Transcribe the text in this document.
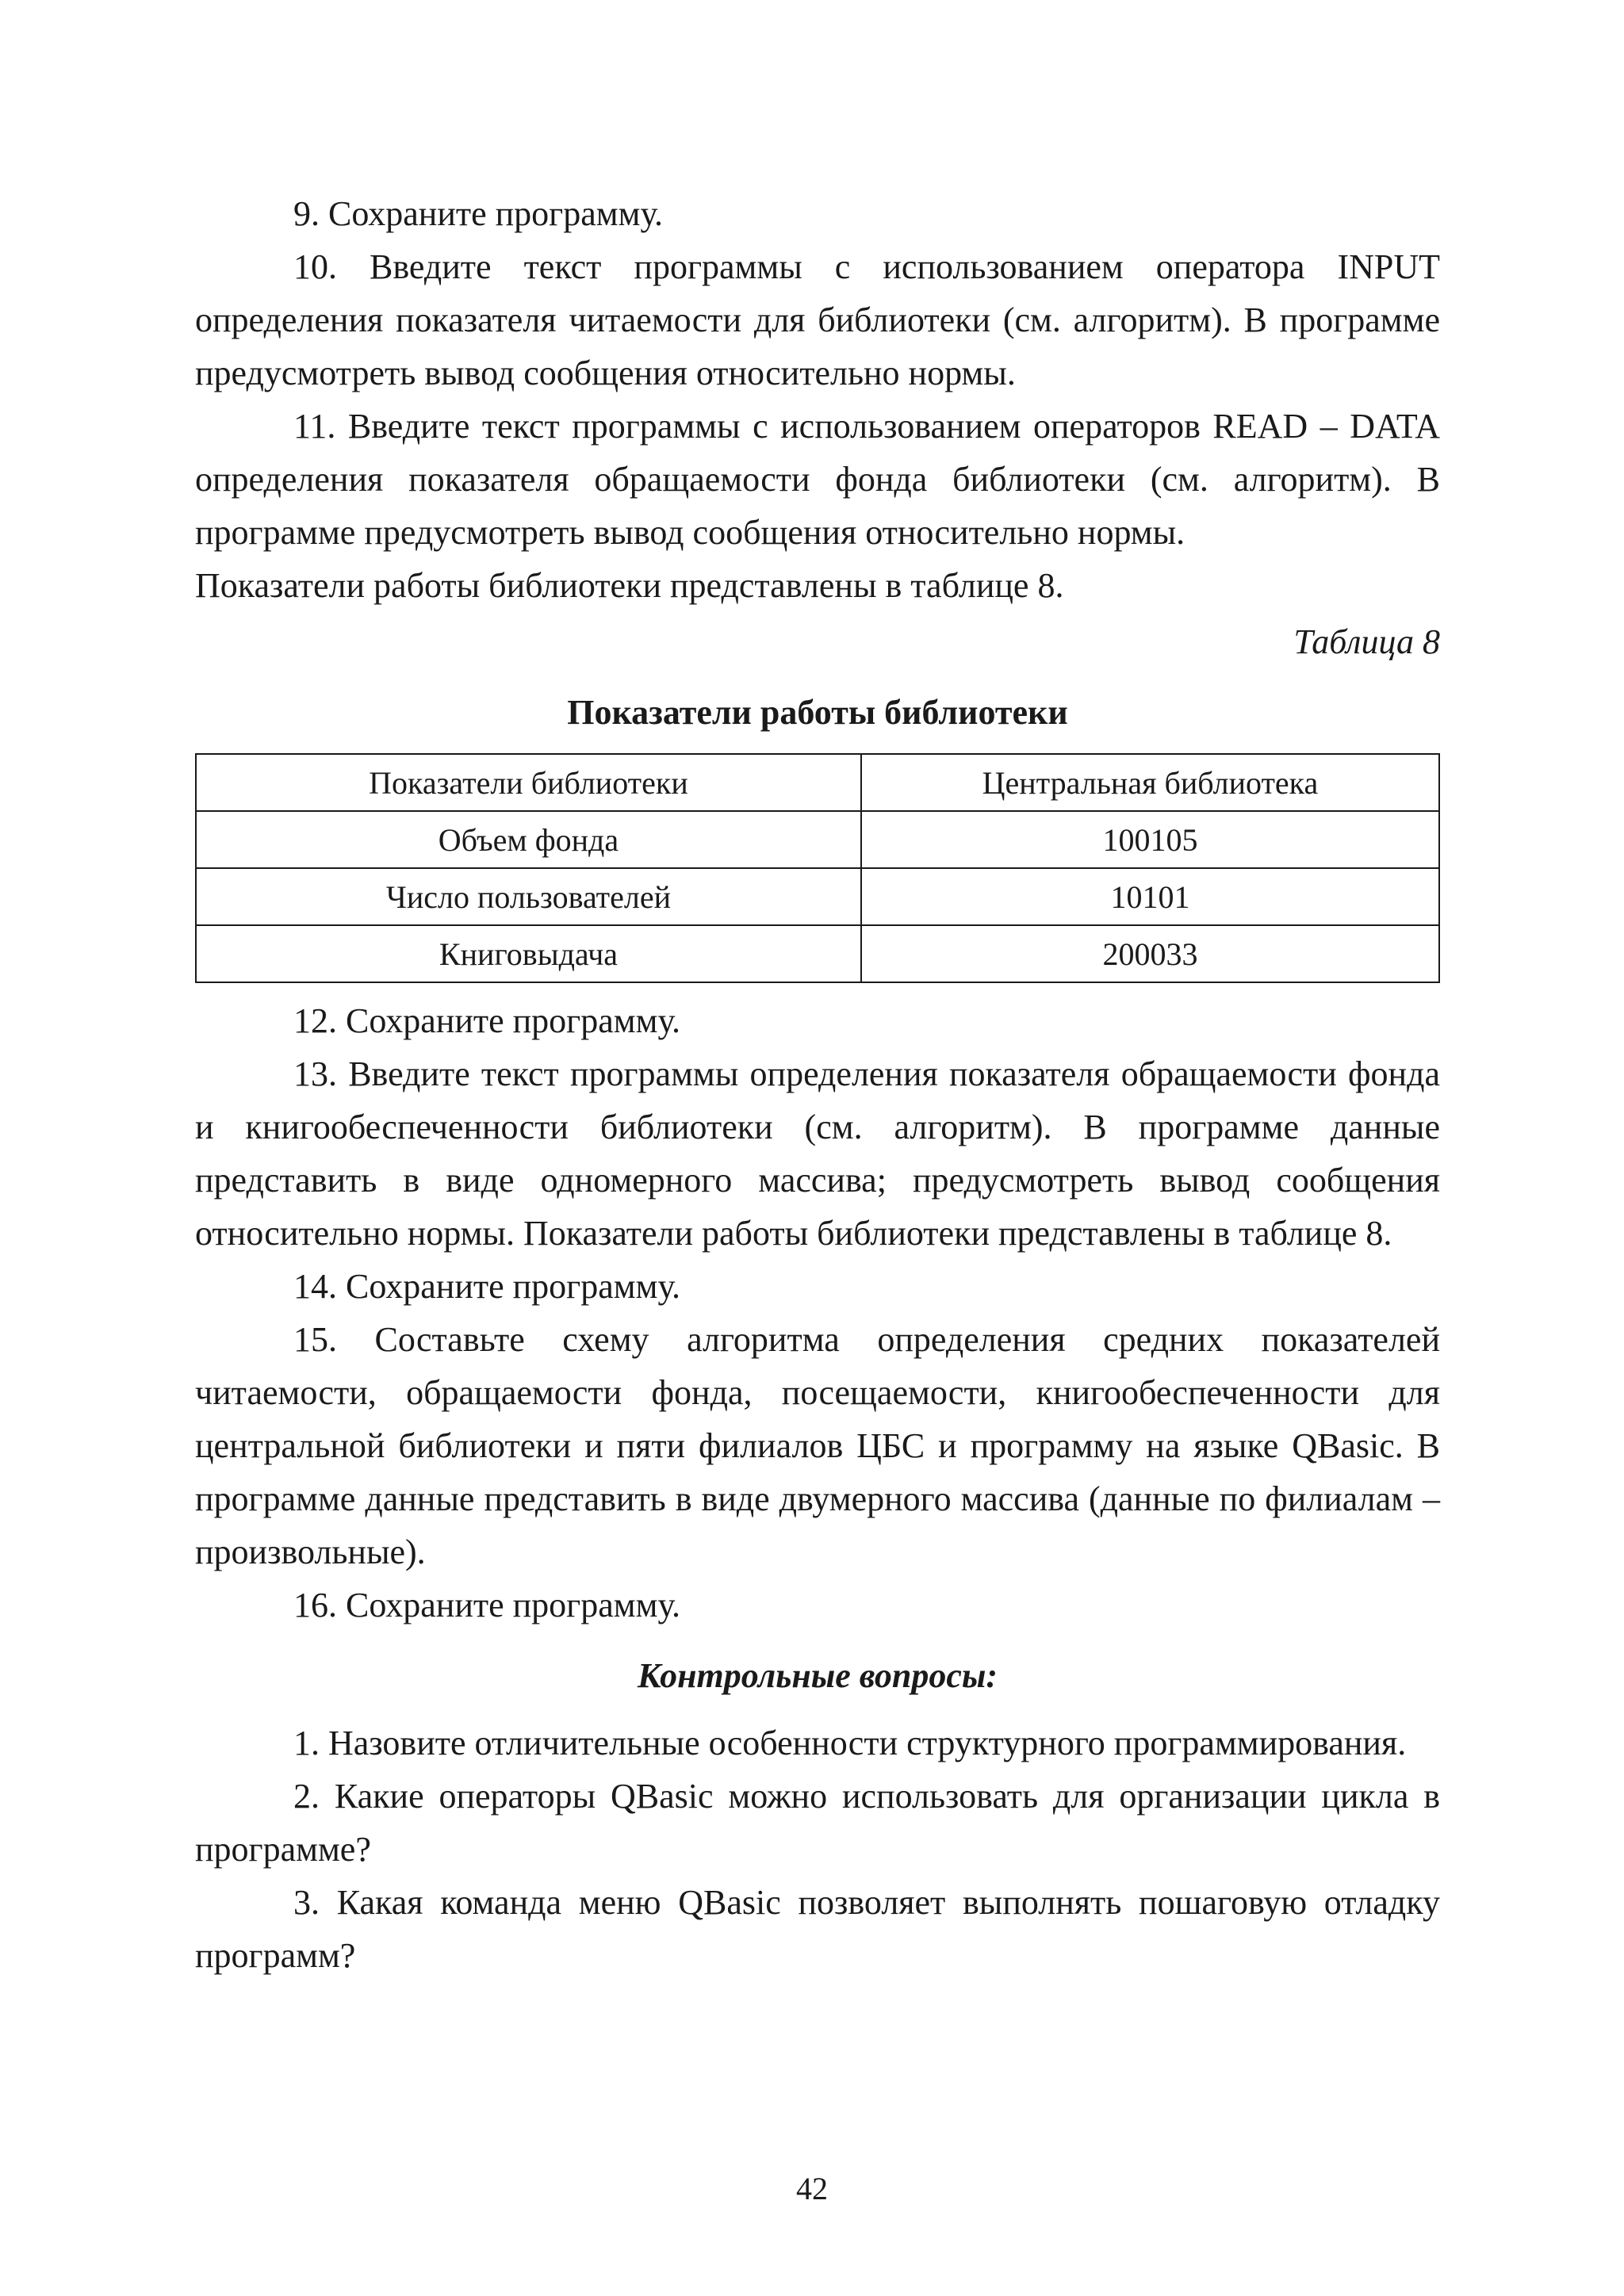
9. Сохраните программу.

10. Введите текст программы с использованием оператора INPUT определения показателя читаемости для библиотеки (см. алгоритм). В программе предусмотреть вывод сообщения относительно нормы.

11. Введите текст программы с использованием операторов READ – DATA определения показателя обращаемости фонда библиотеки (см. алгоритм). В программе предусмотреть вывод сообщения относительно нормы.

Показатели работы библиотеки представлены в таблице 8.

Таблица 8
Показатели работы библиотеки
Показатели библиотеки	Центральная библиотека
Объем фонда	100105
Число пользователей	10101
Книговыдача	200033

12. Сохраните программу.

13. Введите текст программы определения показателя обращаемости фонда и книгообеспеченности библиотеки (см. алгоритм). В программе данные представить в виде одномерного массива; предусмотреть вывод сообщения относительно нормы. Показатели работы библиотеки представлены в таблице 8.

14. Сохраните программу.

15. Составьте схему алгоритма определения средних показателей читаемости, обращаемости фонда, посещаемости, книгообеспеченности для центральной библиотеки и пяти филиалов ЦБС и программу на языке QBasic. В программе данные представить в виде двумерного массива (данные по филиалам – произвольные).

16. Сохраните программу.

Контрольные вопросы:

1. Назовите отличительные особенности структурного программирования.

2. Какие операторы QBasic можно использовать для организации цикла в программе?

3. Какая команда меню QBasic позволяет выполнять пошаговую отладку программ?

42
